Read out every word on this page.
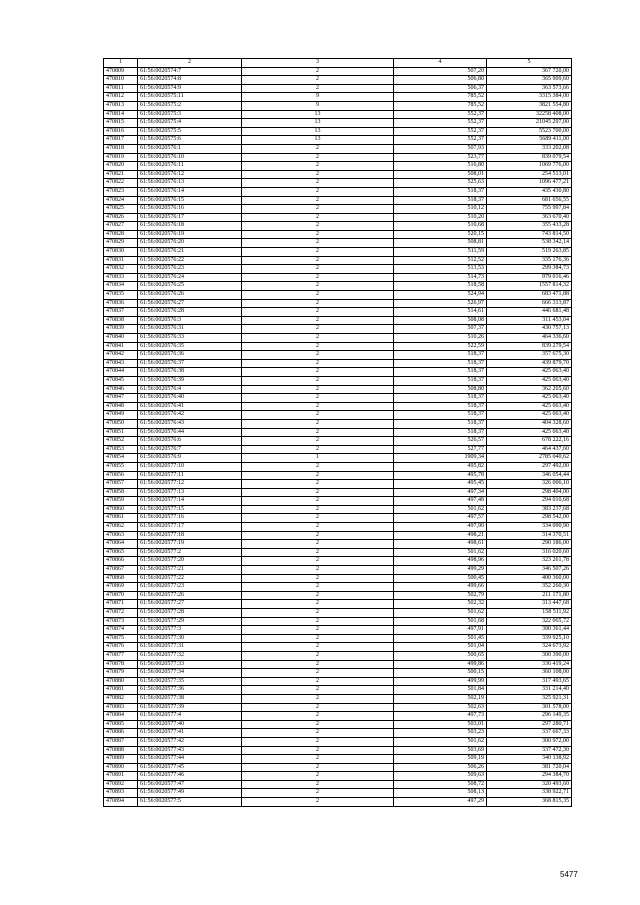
1	2	3	4	5
470809	61:56:0020574:7	2	507,20	367 720,00
470810	61:56:0020574:8	2	506,80	365 909,60
470811	61:56:0020574:9	2	506,37	363 573,66
470812	61:56:0020575:11	9	785,52	3315 384,00
470813	61:56:0020575:2	9	785,52	3821 554,80
470814	61:56:0020575:3	13	552,37	32258 408,00
470815	61:56:0020575:4	13	552,37	21045 297,00
470816	61:56:0020575:5	13	552,37	5523 700,00
470817	61:56:0020575:6	13	552,37	5689 411,00
470818	61:56:0020576:1	2	507,93	333 202,08
470819	61:56:0020576:10	2	523,77	839 079,54
470820	61:56:0020576:11	2	516,80	1069 776,00
470821	61:56:0020576:12	2	508,01	254 513,01
470822	61:56:0020576:13	2	525,63	1096 477,21
470823	61:56:0020576:14	2	518,37	435 430,80
470824	61:56:0020576:15	2	518,37	681 656,55
470825	61:56:0020576:16	2	510,12	755 997,84
470826	61:56:0020576:17	2	510,20	363 670,40
470827	61:56:0020576:18	2	510,68	355 433,28
470828	61:56:0020576:19	2	520,15	743 814,50
470829	61:56:0020576:20	2	508,81	538 342,14
470830	61:56:0020576:21	2	511,59	519 263,85
470831	61:56:0020576:22	2	512,52	335 176,36
470832	61:56:0020576:23	2	513,53	299 384,73
470833	61:56:0020576:24	2	514,73	979 016,46
470834	61:56:0020576:25	2	518,58	1557 814,32
470835	61:56:0020576:26	2	524,94	683 471,88
470836	61:56:0020576:27	2	526,97	666 313,87
470837	61:56:0020576:28	2	514,61	446 681,48
470838	61:56:0020576:3	2	508,08	311 453,04
470839	61:56:0020576:31	2	507,37	430 757,13
470840	61:56:0020576:33	2	510,26	464 336,60
470841	61:56:0020576:35	2	522,59	839 279,54
470842	61:56:0020576:36	2	518,37	357 675,30
470843	61:56:0020576:37	2	518,37	439 879,70
470844	61:56:0020576:38	2	518,37	425 063,40
470845	61:56:0020576:39	2	518,37	425 063,40
470846	61:56:0020576:4	2	508,80	362 265,60
470847	61:56:0020576:40	2	518,37	425 063,40
470848	61:56:0020576:41	2	518,37	425 063,40
470849	61:56:0020576:42	2	518,37	425 063,40
470850	61:56:0020576:43	2	518,37	404 328,60
470851	61:56:0020576:44	2	518,37	425 063,40
470852	61:56:0020576:6	2	526,57	678 222,16
470853	61:56:0020576:7	2	527,77	464 437,60
470854	61:56:0020576:9	1	1909,34	2785 040,62
470855	61:56:0020577:10	2	495,82	297 492,00
470856	61:56:0020577:11	2	495,78	346 054,44
470857	61:56:0020577:12	2	495,45	326 006,10
470858	61:56:0020577:13	2	497,34	298 404,00
470859	61:56:0020577:14	2	497,48	294 010,68
470860	61:56:0020577:15	2	501,62	383 237,68
470861	61:56:0020577:16	2	497,57	298 542,00
470862	61:56:0020577:17	2	497,90	334 090,90
470863	61:56:0020577:18	2	498,21	314 370,51
470864	61:56:0020577:19	2	498,61	290 186,00
470865	61:56:0020577:2	2	501,62	316 020,60
470866	61:56:0020577:20	2	498,96	323 261,78
470867	61:56:0020577:21	2	499,29	346 507,26
470868	61:56:0020577:22	2	500,45	400 360,00
470869	61:56:0020577:23	2	499,66	352 260,30
470870	61:56:0020577:26	2	502,79	211 171,80
470871	61:56:0020577:27	2	502,32	313 447,68
470872	61:56:0020577:28	2	501,62	158 511,92
470873	61:56:0020577:29	2	501,68	322 065,72
470874	61:56:0020577:3	2	497,91	390 361,44
470875	61:56:0020577:30	2	501,45	339 925,10
470876	61:56:0020577:31	2	501,04	324 673,92
470877	61:56:0020577:32	2	500,65	300 390,00
470878	61:56:0020577:33	2	499,86	336 419,24
470879	61:56:0020577:34	2	500,15	360 108,00
470880	61:56:0020577:35	2	499,99	317 493,65
470881	61:56:0020577:36	2	501,84	331 214,40
470882	61:56:0020577:38	2	502,19	325 921,31
470883	61:56:0020577:39	2	502,63	301 578,00
470884	61:56:0020577:4	2	497,73	296 149,35
470885	61:56:0020577:40	2	503,01	297 280,71
470886	61:56:0020577:41	2	503,23	337 667,33
470887	61:56:0020577:42	2	501,62	300 972,00
470888	61:56:0020577:43	2	503,69	337 472,30
470889	61:56:0020577:44	2	509,19	340 138,92
470890	61:56:0020577:45	2	506,26	381 720,04
470891	61:56:0020577:46	2	509,63	294 384,70
470892	61:56:0020577:47	2	508,72	320 493,60
470893	61:56:0020577:49	2	508,13	338 922,71
470894	61:56:0020577:5	2	497,29	368 815,35
5477
